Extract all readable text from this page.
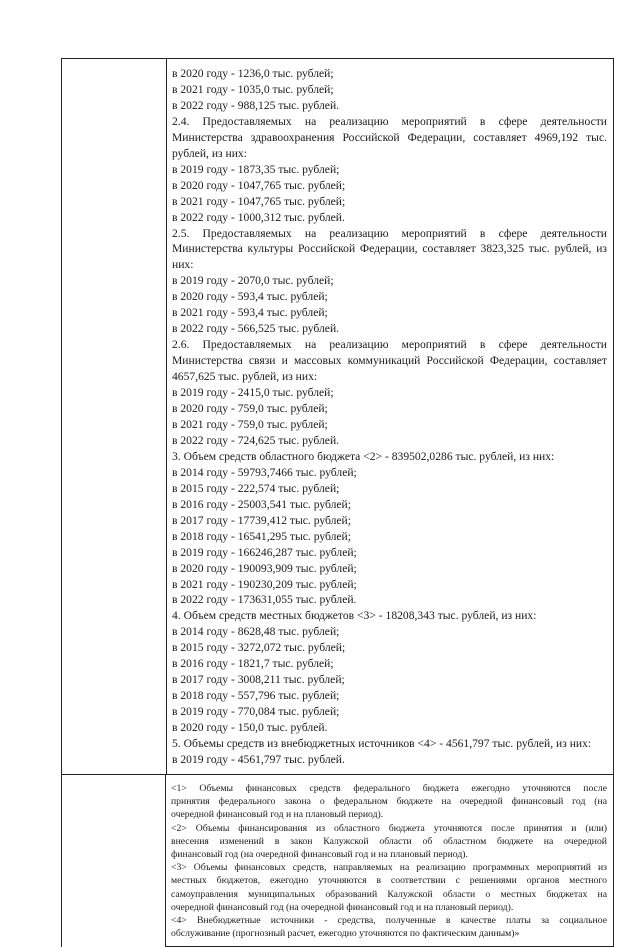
в 2020 году - 1236,0 тыс. рублей;
в 2021 году - 1035,0 тыс. рублей;
в 2022 году - 988,125 тыс. рублей.
2.4. Предоставляемых на реализацию мероприятий в сфере деятельности
Министерства здравоохранения Российской Федерации, составляет 4969,192 тыс.
рублей, из них:
в 2019 году - 1873,35 тыс. рублей;
в 2020 году - 1047,765 тыс. рублей;
в 2021 году - 1047,765 тыс. рублей;
в 2022 году - 1000,312 тыс. рублей.
2.5. Предоставляемых на реализацию мероприятий в сфере деятельности
Министерства культуры Российской Федерации, составляет 3823,325 тыс. рублей, из
них:
в 2019 году - 2070,0 тыс. рублей;
в 2020 году - 593,4 тыс. рублей;
в 2021 году - 593,4 тыс. рублей;
в 2022 году - 566,525 тыс. рублей.
2.6. Предоставляемых на реализацию мероприятий в сфере деятельности
Министерства связи и массовых коммуникаций Российской Федерации, составляет
4657,625 тыс. рублей, из них:
в 2019 году - 2415,0 тыс. рублей;
в 2020 году - 759,0 тыс. рублей;
в 2021 году - 759,0 тыс. рублей;
в 2022 году - 724,625 тыс. рублей.
3. Объем средств областного бюджета <2> - 839502,0286 тыс. рублей, из них:
в 2014 году - 59793,7466 тыс. рублей;
в 2015 году - 222,574 тыс. рублей;
в 2016 году - 25003,541 тыс. рублей;
в 2017 году - 17739,412 тыс. рублей;
в 2018 году - 16541,295 тыс. рублей;
в 2019 году - 166246,287 тыс. рублей;
в 2020 году - 190093,909 тыс. рублей;
в 2021 году - 190230,209 тыс. рублей;
в 2022 году - 173631,055 тыс. рублей.
4. Объем средств местных бюджетов <3> - 18208,343 тыс. рублей, из них:
в 2014 году - 8628,48 тыс. рублей;
в 2015 году - 3272,072 тыс. рублей;
в 2016 году - 1821,7 тыс. рублей;
в 2017 году - 3008,211 тыс. рублей;
в 2018 году - 557,796 тыс. рублей;
в 2019 году - 770,084 тыс. рублей;
в 2020 году - 150,0 тыс. рублей.
5. Объемы средств из внебюджетных источников <4> - 4561,797 тыс. рублей, из них:
в 2019 году - 4561,797 тыс. рублей.
<1> Объемы финансовых средств федерального бюджета ежегодно уточняются после
принятия федерального закона о федеральном бюджете на очередной финансовый год (на
очередной финансовый год и на плановый период).
<2> Объемы финансирования из областного бюджета уточняются после принятия и (или)
внесения изменений в закон Калужской области об областном бюджете на очередной
финансовый год (на очередной финансовый год и на плановый период).
<3> Объемы финансовых средств, направляемых на реализацию программных мероприятий из
местных бюджетов, ежегодно уточняются в соответствии с решениями органов местного
самоуправления муниципальных образований Калужской области о местных бюджетах на
очередной финансовый год (на очередной финансовый год и на плановый период).
<4> Внебюджетные источники - средства, полученные в качестве платы за социальное
обслуживание (прогнозный расчет, ежегодно уточняются по фактическим данным)»
